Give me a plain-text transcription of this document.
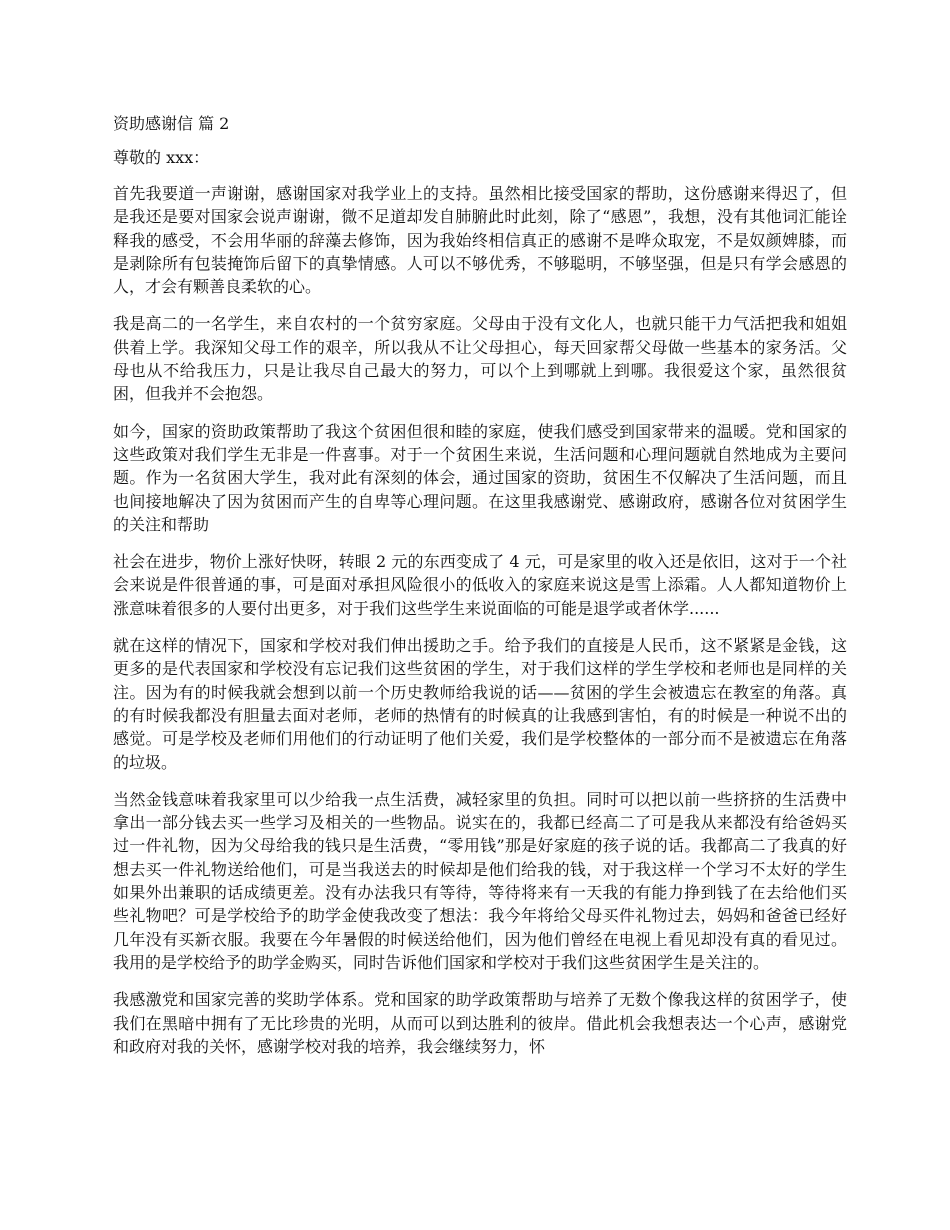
资助感谢信 篇 2
尊敬的 xxx：

首先我要道一声谢谢，感谢国家对我学业上的支持。虽然相比接受国家的帮助，这份感谢来得迟了，但是我还是要对国家会说声谢谢，微不足道却发自肺腑此时此刻，除了“感恩”，我想，没有其他词汇能诠释我的感受，不会用华丽的辞藻去修饰，因为我始终相信真正的感谢不是哗众取宠，不是奴颜婢膝，而是剥除所有包装掩饰后留下的真挚情感。人可以不够优秀，不够聪明，不够坚强，但是只有学会感恩的人，才会有颗善良柔软的心。

我是高二的一名学生，来自农村的一个贫穷家庭。父母由于没有文化人，也就只能干力气活把我和姐姐供着上学。我深知父母工作的艰辛，所以我从不让父母担心，每天回家帮父母做一些基本的家务活。父母也从不给我压力，只是让我尽自己最大的努力，可以个上到哪就上到哪。我很爱这个家，虽然很贫困，但我并不会抱怨。

如今，国家的资助政策帮助了我这个贫困但很和睦的家庭，使我们感受到国家带来的温暖。党和国家的这些政策对我们学生无非是一件喜事。对于一个贫困生来说，生活问题和心理问题就自然地成为主要问题。作为一名贫困大学生，我对此有深刻的体会，通过国家的资助，贫困生不仅解决了生活问题，而且也间接地解决了因为贫困而产生的自卑等心理问题。在这里我感谢党、感谢政府，感谢各位对贫困学生的关注和帮助

社会在进步，物价上涨好快呀，转眼 2 元的东西变成了 4 元，可是家里的收入还是依旧，这对于一个社会来说是件很普通的事，可是面对承担风险很小的低收入的家庭来说这是雪上添霜。人人都知道物价上涨意味着很多的人要付出更多，对于我们这些学生来说面临的可能是退学或者休学......

就在这样的情况下，国家和学校对我们伸出援助之手。给予我们的直接是人民币，这不紧紧是金钱，这更多的是代表国家和学校没有忘记我们这些贫困的学生，对于我们这样的学生学校和老师也是同样的关注。因为有的时候我就会想到以前一个历史教师给我说的话——贫困的学生会被遗忘在教室的角落。真的有时候我都没有胆量去面对老师，老师的热情有的时候真的让我感到害怕，有的时候是一种说不出的感觉。可是学校及老师们用他们的行动证明了他们关爱，我们是学校整体的一部分而不是被遗忘在角落的垃圾。

当然金钱意味着我家里可以少给我一点生活费，减轻家里的负担。同时可以把以前一些挤挤的生活费中拿出一部分钱去买一些学习及相关的一些物品。说实在的，我都已经高二了可是我从来都没有给爸妈买过一件礼物，因为父母给我的钱只是生活费，“零用钱”那是好家庭的孩子说的话。我都高二了我真的好想去买一件礼物送给他们，可是当我送去的时候却是他们给我的钱，对于我这样一个学习不太好的学生如果外出兼职的话成绩更差。没有办法我只有等待，等待将来有一天我的有能力挣到钱了在去给他们买些礼物吧？可是学校给予的助学金使我改变了想法：我今年将给父母买件礼物过去，妈妈和爸爸已经好几年没有买新衣服。我要在今年暑假的时候送给他们，因为他们曾经在电视上看见却没有真的看见过。我用的是学校给予的助学金购买，同时告诉他们国家和学校对于我们这些贫困学生是关注的。

我感激党和国家完善的奖助学体系。党和国家的助学政策帮助与培养了无数个像我这样的贫困学子，使我们在黑暗中拥有了无比珍贵的光明，从而可以到达胜利的彼岸。借此机会我想表达一个心声，感谢党和政府对我的关怀，感谢学校对我的培养，我会继续努力，怀
